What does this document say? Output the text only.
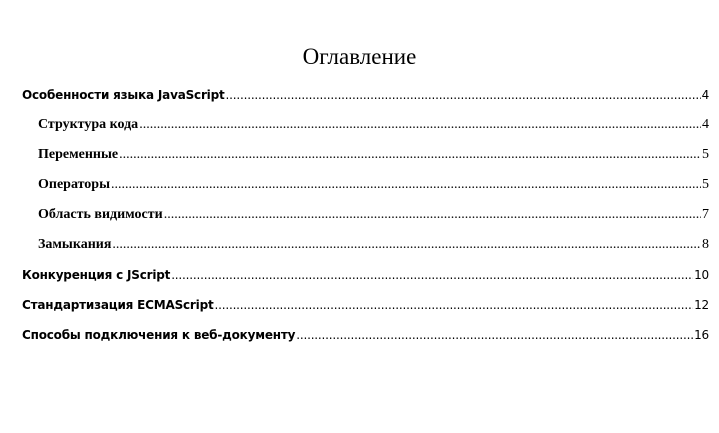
Оглавление
Особенности языка JavaScript .....	4
Структура кода .....	4
Переменные .....	5
Операторы .....	5
Область видимости .....	7
Замыкания .....	8
Конкуренция с JScript .....	10
Стандартизация ECMAScript .....	12
Способы подключения к веб-документу .....	16
